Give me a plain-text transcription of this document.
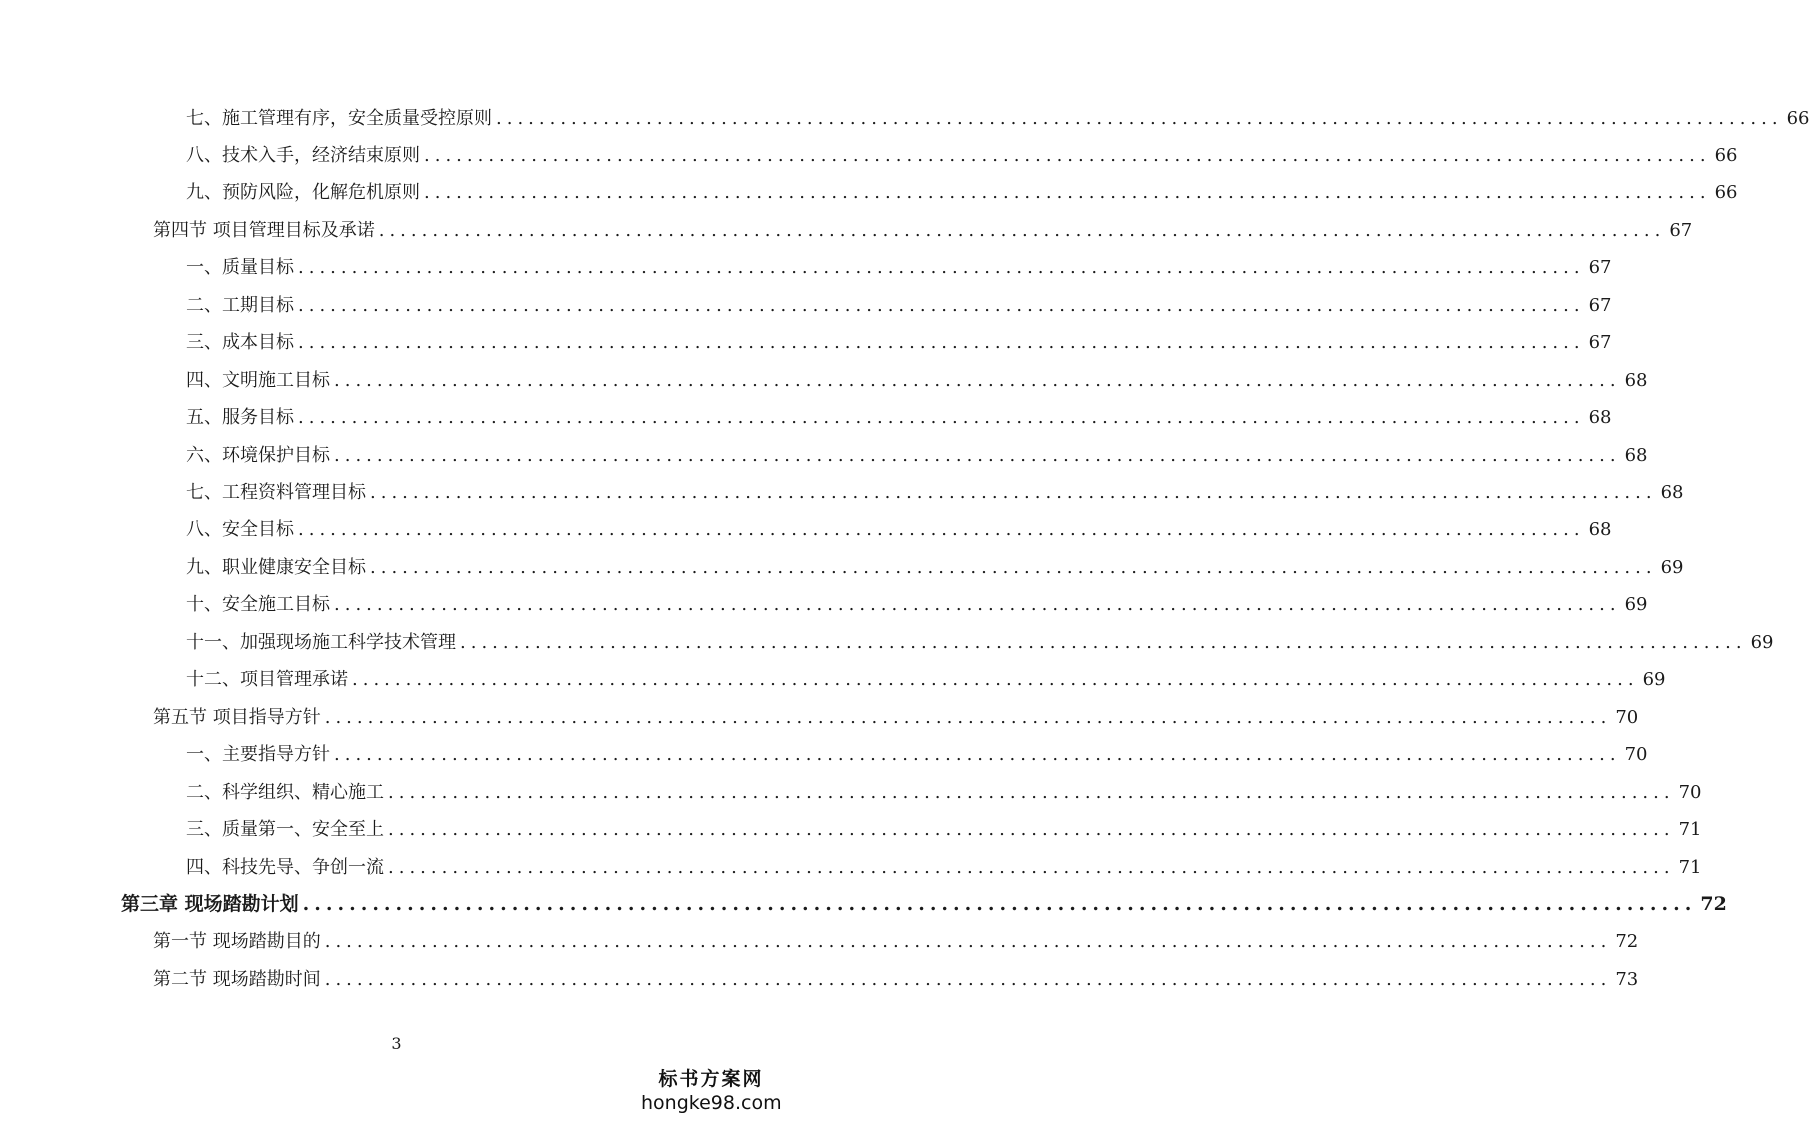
七、施工管理有序，安全质量受控原则 ........................................................................................................................ 66
八、技术入手，经济结束原则 ........................................................................................................................ 66
九、预防风险，化解危机原则 ........................................................................................................................ 66
第四节 项目管理目标及承诺 ........................................................................................................................ 67
一、质量目标 ........................................................................................................................ 67
二、工期目标 ........................................................................................................................ 67
三、成本目标 ........................................................................................................................ 67
四、文明施工目标 ........................................................................................................................ 68
五、服务目标 ........................................................................................................................ 68
六、环境保护目标 ........................................................................................................................ 68
七、工程资料管理目标 ........................................................................................................................ 68
八、安全目标 ........................................................................................................................ 68
九、职业健康安全目标 ........................................................................................................................ 69
十、安全施工目标 ........................................................................................................................ 69
十一、加强现场施工科学技术管理 ........................................................................................................................ 69
十二、项目管理承诺 ........................................................................................................................ 69
第五节 项目指导方针 ........................................................................................................................ 70
一、主要指导方针 ........................................................................................................................ 70
二、科学组织、精心施工 ........................................................................................................................ 70
三、质量第一、安全至上 ........................................................................................................................ 71
四、科技先导、争创一流 ........................................................................................................................ 71
第三章 现场踏勘计划 ........................................................................................................................ 72
第一节 现场踏勘目的 ........................................................................................................................ 72
第二节 现场踏勘时间 ........................................................................................................................ 73
3
标书方案网
hongke98.com
